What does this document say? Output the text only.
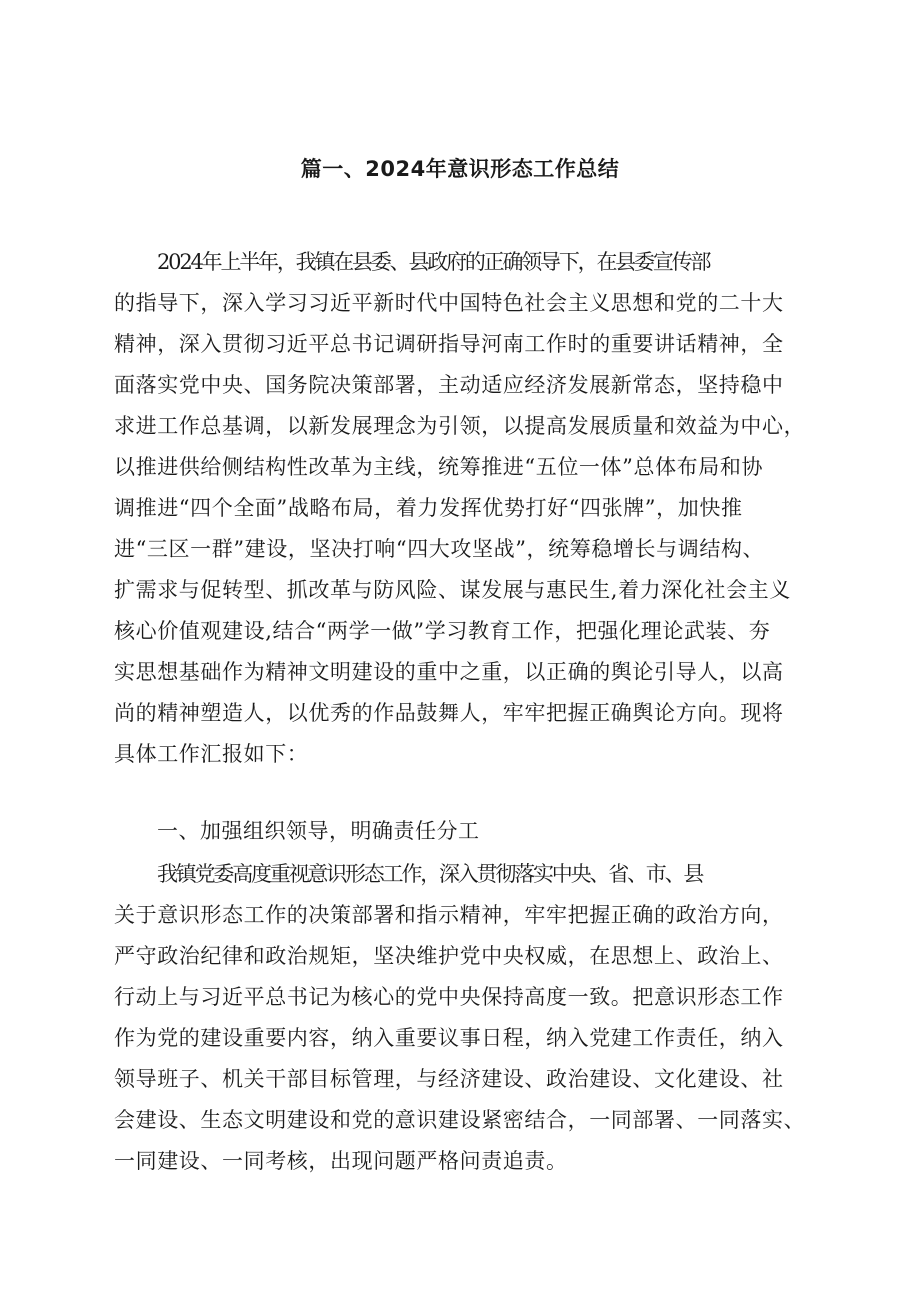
篇一、2024年意识形态工作总结
2024年上半年，我镇在县委、县政府的正确领导下，在县委宣传部
的指导下，深入学习习近平新时代中国特色社会主义思想和党的二十大
精神，深入贯彻习近平总书记调研指导河南工作时的重要讲话精神，全
面落实党中央、国务院决策部署，主动适应经济发展新常态，坚持稳中
求进工作总基调，以新发展理念为引领，以提高发展质量和效益为中心，
以推进供给侧结构性改革为主线，统筹推进“五位一体”总体布局和协
调推进“四个全面”战略布局，着力发挥优势打好“四张牌”，加快推
进“三区一群”建设，坚决打响“四大攻坚战”，统筹稳增长与调结构、
扩需求与促转型、抓改革与防风险、谋发展与惠民生,着力深化社会主义
核心价值观建设,结合“两学一做”学习教育工作，把强化理论武装、夯
实思想基础作为精神文明建设的重中之重，以正确的舆论引导人，以高
尚的精神塑造人，以优秀的作品鼓舞人，牢牢把握正确舆论方向。现将
具体工作汇报如下：
一、加强组织领导，明确责任分工
我镇党委高度重视意识形态工作，深入贯彻落实中央、省、市、县
关于意识形态工作的决策部署和指示精神，牢牢把握正确的政治方向，
严守政治纪律和政治规矩，坚决维护党中央权威，在思想上、政治上、
行动上与习近平总书记为核心的党中央保持高度一致。把意识形态工作
作为党的建设重要内容，纳入重要议事日程，纳入党建工作责任，纳入
领导班子、机关干部目标管理，与经济建设、政治建设、文化建设、社
会建设、生态文明建设和党的意识建设紧密结合，一同部署、一同落实、
一同建设、一同考核，出现问题严格问责追责。
